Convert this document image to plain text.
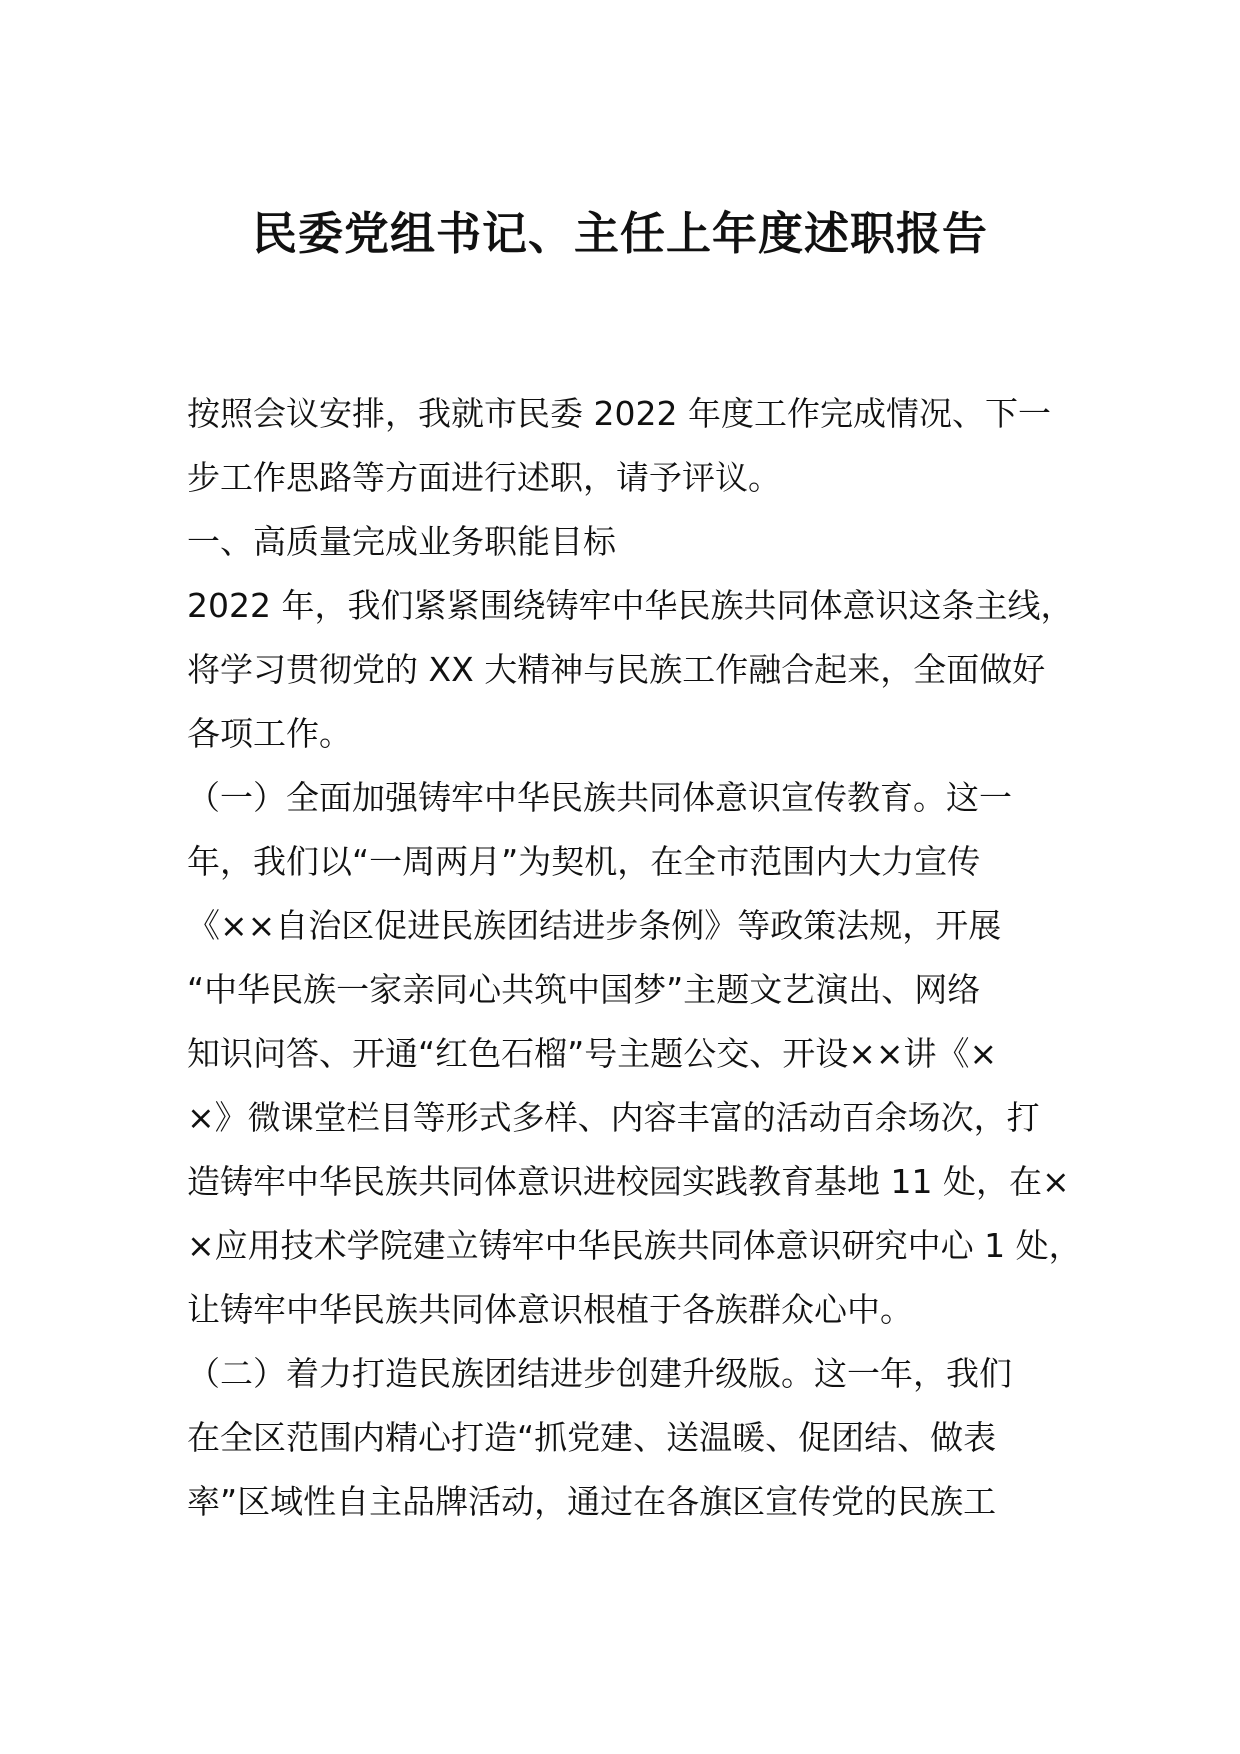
民委党组书记、主任上年度述职报告
按照会议安排，我就市民委 2022 年度工作完成情况、下一
步工作思路等方面进行述职，请予评议。
一、高质量完成业务职能目标
2022 年，我们紧紧围绕铸牢中华民族共同体意识这条主线，
将学习贯彻党的 XX 大精神与民族工作融合起来，全面做好
各项工作。
（一）全面加强铸牢中华民族共同体意识宣传教育。这一
年，我们以“一周两月”为契机，在全市范围内大力宣传
《××自治区促进民族团结进步条例》等政策法规，开展
“中华民族一家亲同心共筑中国梦”主题文艺演出、网络
知识问答、开通“红色石榴”号主题公交、开设××讲《×
×》微课堂栏目等形式多样、内容丰富的活动百余场次，打
造铸牢中华民族共同体意识进校园实践教育基地 11 处，在×
×应用技术学院建立铸牢中华民族共同体意识研究中心 1 处，
让铸牢中华民族共同体意识根植于各族群众心中。
（二）着力打造民族团结进步创建升级版。这一年，我们
在全区范围内精心打造“抓党建、送温暖、促团结、做表
率”区域性自主品牌活动，通过在各旗区宣传党的民族工
